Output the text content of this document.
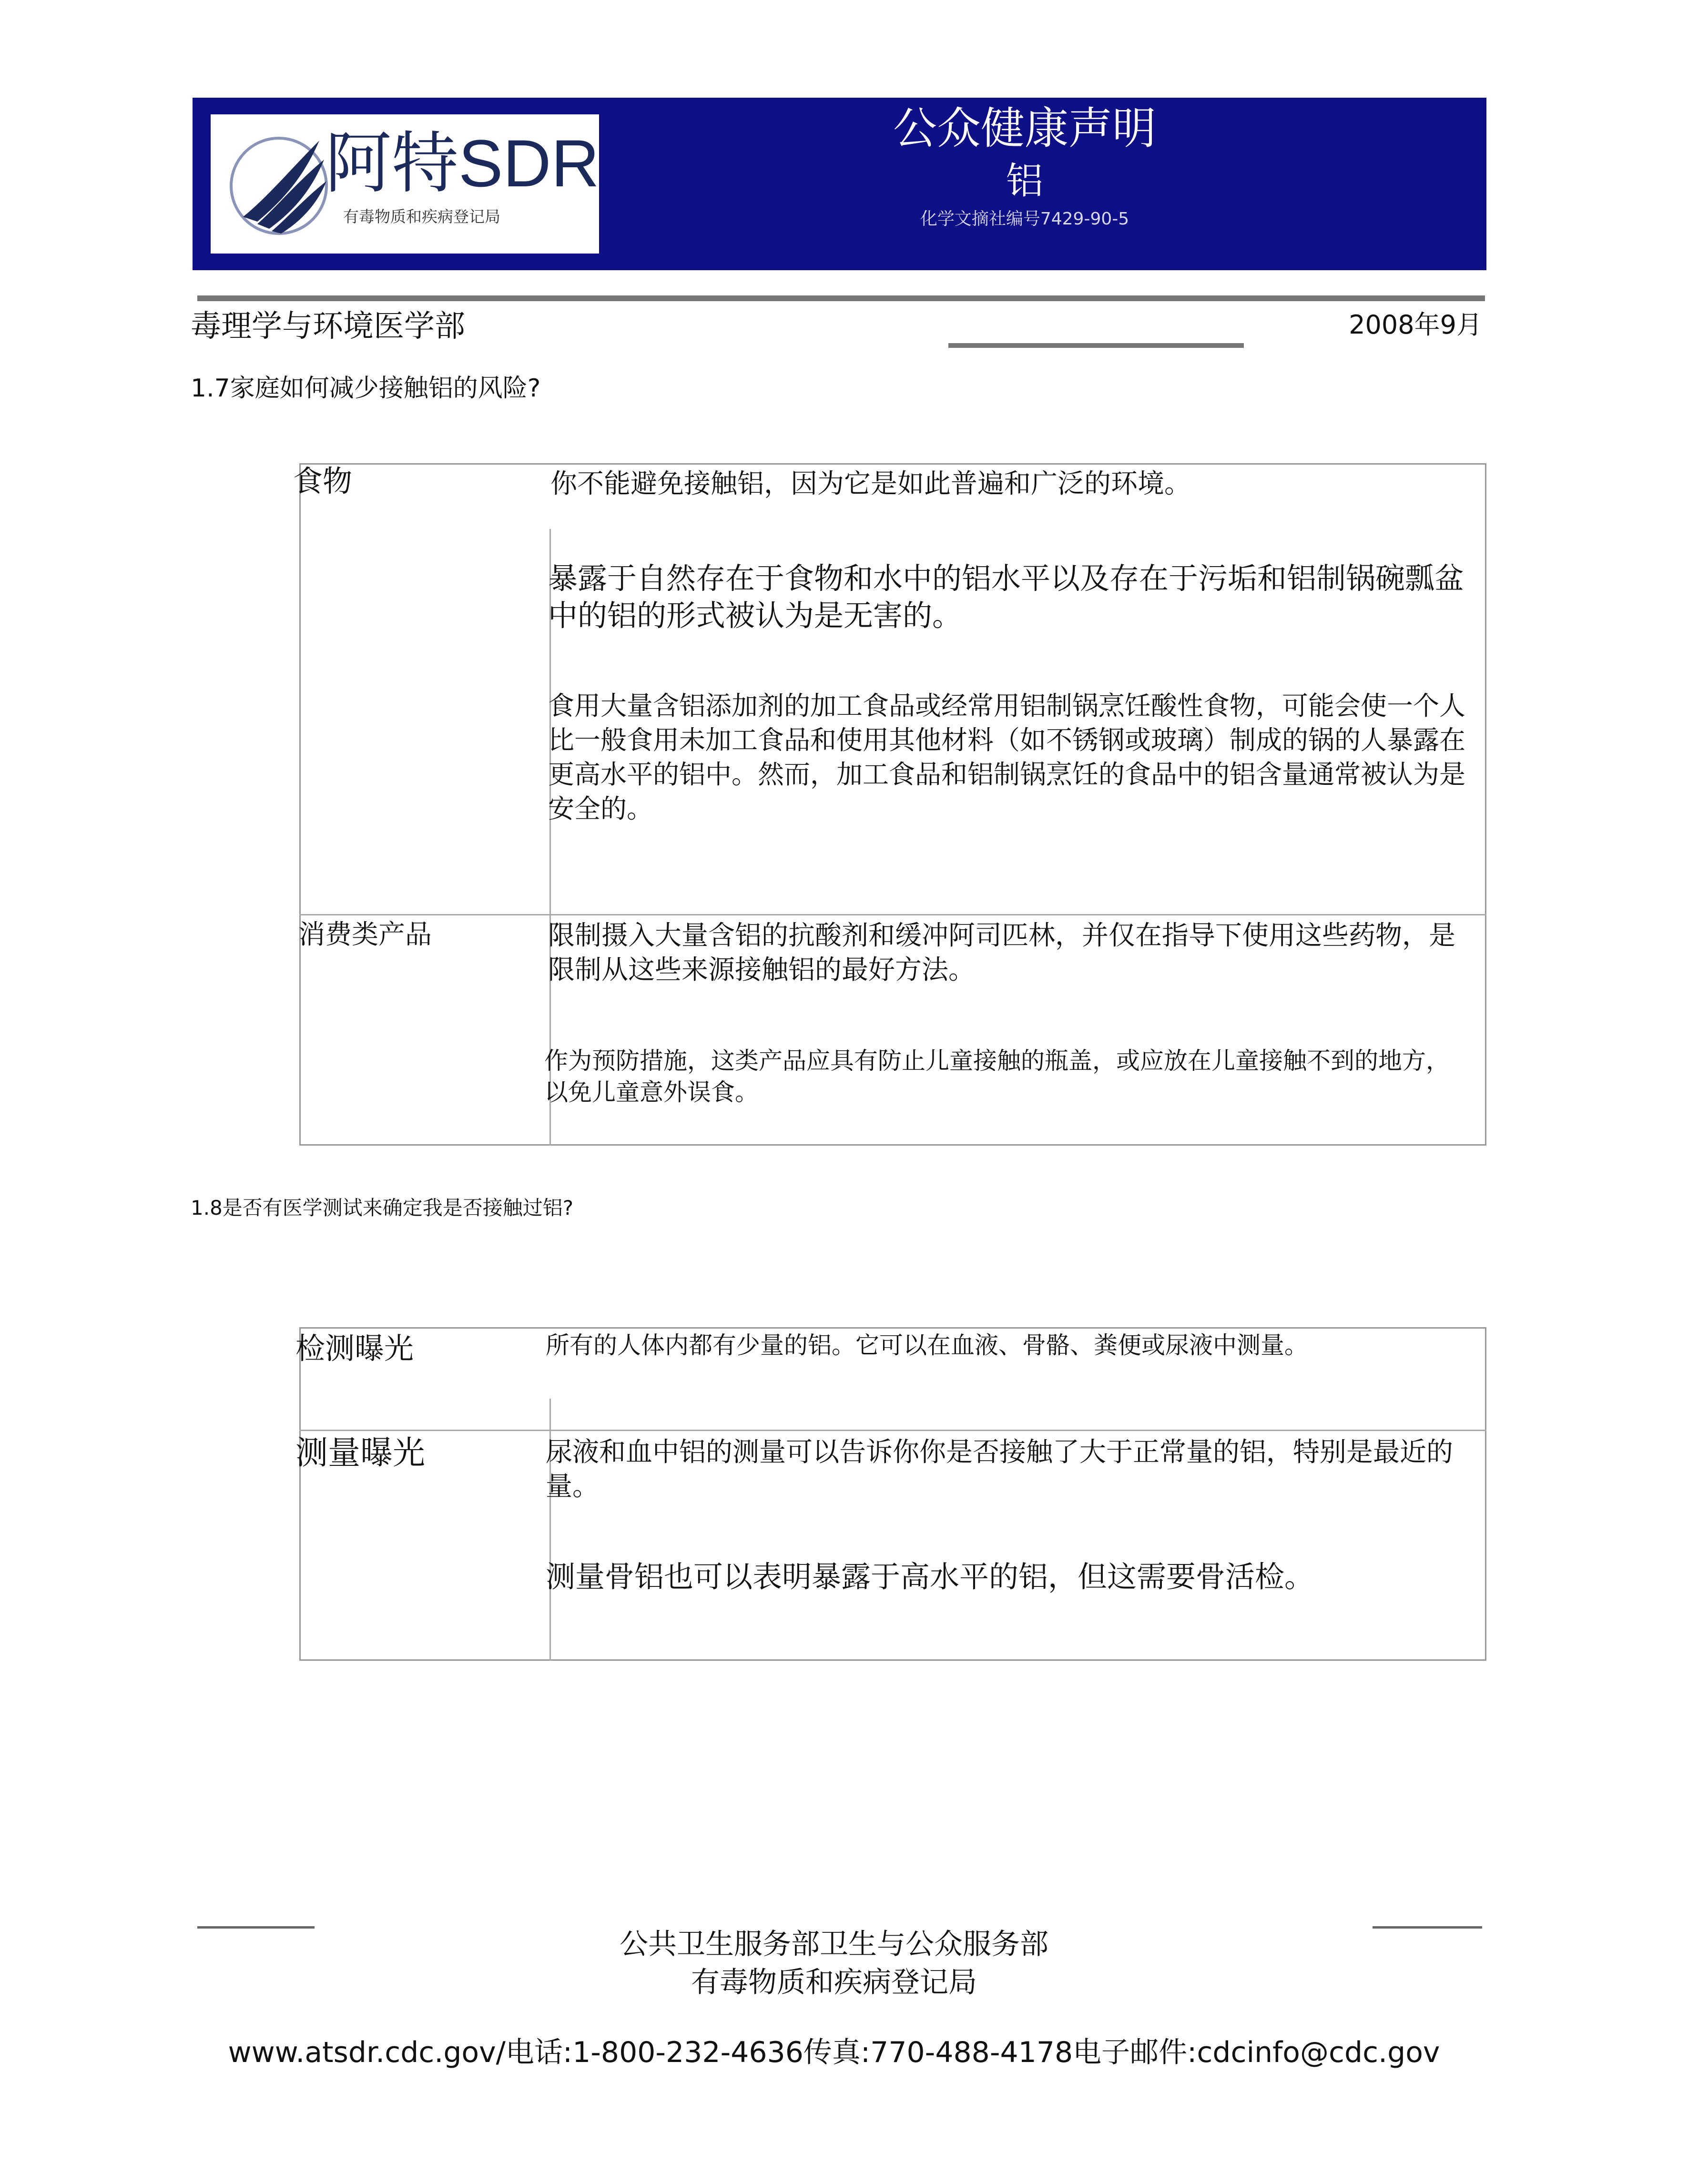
阿特SDR
有毒物质和疾病登记局
公众健康声明
铝
化学文摘社编号7429-90-5
毒理学与环境医学部	2008年9月
1.7家庭如何减少接触铝的风险?
食物	你不能避免接触铝，因为它是如此普遍和广泛的环境。
暴露于自然存在于食物和水中的铝水平以及存在于污垢和铝制锅碗瓢盆中的铝的形式被认为是无害的。
食用大量含铝添加剂的加工食品或经常用铝制锅烹饪酸性食物，可能会使一个人比一般食用未加工食品和使用其他材料（如不锈钢或玻璃）制成的锅的人暴露在更高水平的铝中。然而，加工食品和铝制锅烹饪的食品中的铝含量通常被认为是安全的。
消费类产品	限制摄入大量含铝的抗酸剂和缓冲阿司匹林，并仅在指导下使用这些药物，是限制从这些来源接触铝的最好方法。
作为预防措施，这类产品应具有防止儿童接触的瓶盖，或应放在儿童接触不到的地方，以免儿童意外误食。
1.8是否有医学测试来确定我是否接触过铝?
检测曝光	所有的人体内都有少量的铝。它可以在血液、骨骼、粪便或尿液中测量。
测量曝光	尿液和血中铝的测量可以告诉你你是否接触了大于正常量的铝，特别是最近的量。
测量骨铝也可以表明暴露于高水平的铝，但这需要骨活检。
公共卫生服务部卫生与公众服务部
有毒物质和疾病登记局
www.atsdr.cdc.gov/电话:1-800-232-4636传真:770-488-4178电子邮件:cdcinfo@cdc.gov
